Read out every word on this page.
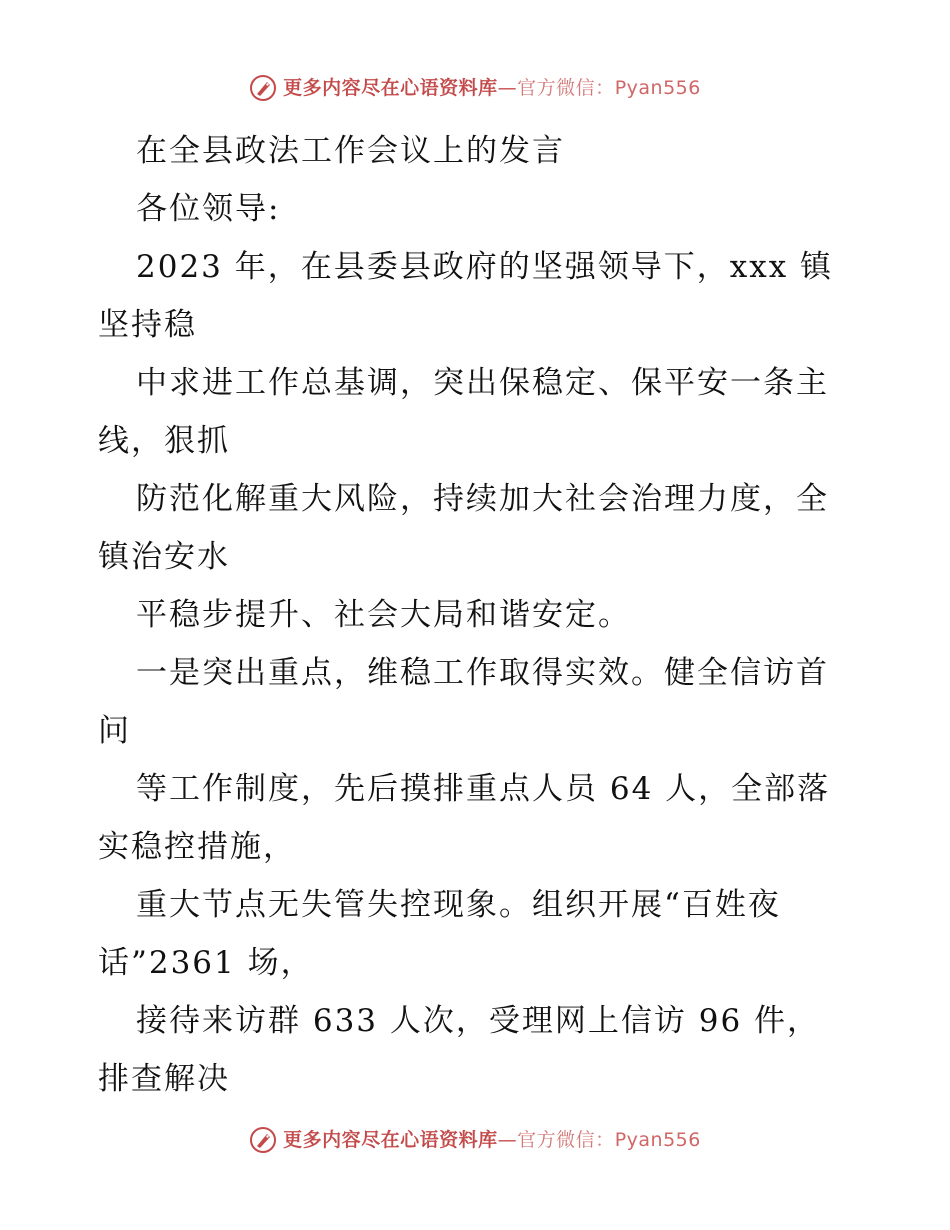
更多内容尽在心语资料库—官方微信：Pyan556
在全县政法工作会议上的发言
各位领导:
2023 年，在县委县政府的坚强领导下，xxx 镇
坚持稳
中求进工作总基调，突出保稳定、保平安一条主
线，狠抓
防范化解重大风险，持续加大社会治理力度，全
镇治安水
平稳步提升、社会大局和谐安定。
一是突出重点，维稳工作取得实效。健全信访首
问
等工作制度，先后摸排重点人员 64 人，全部落
实稳控措施，
重大节点无失管失控现象。组织开展“百姓夜
话”2361 场，
接待来访群 633 人次，受理网上信访 96 件，
排查解决
更多内容尽在心语资料库—官方微信：Pyan556
